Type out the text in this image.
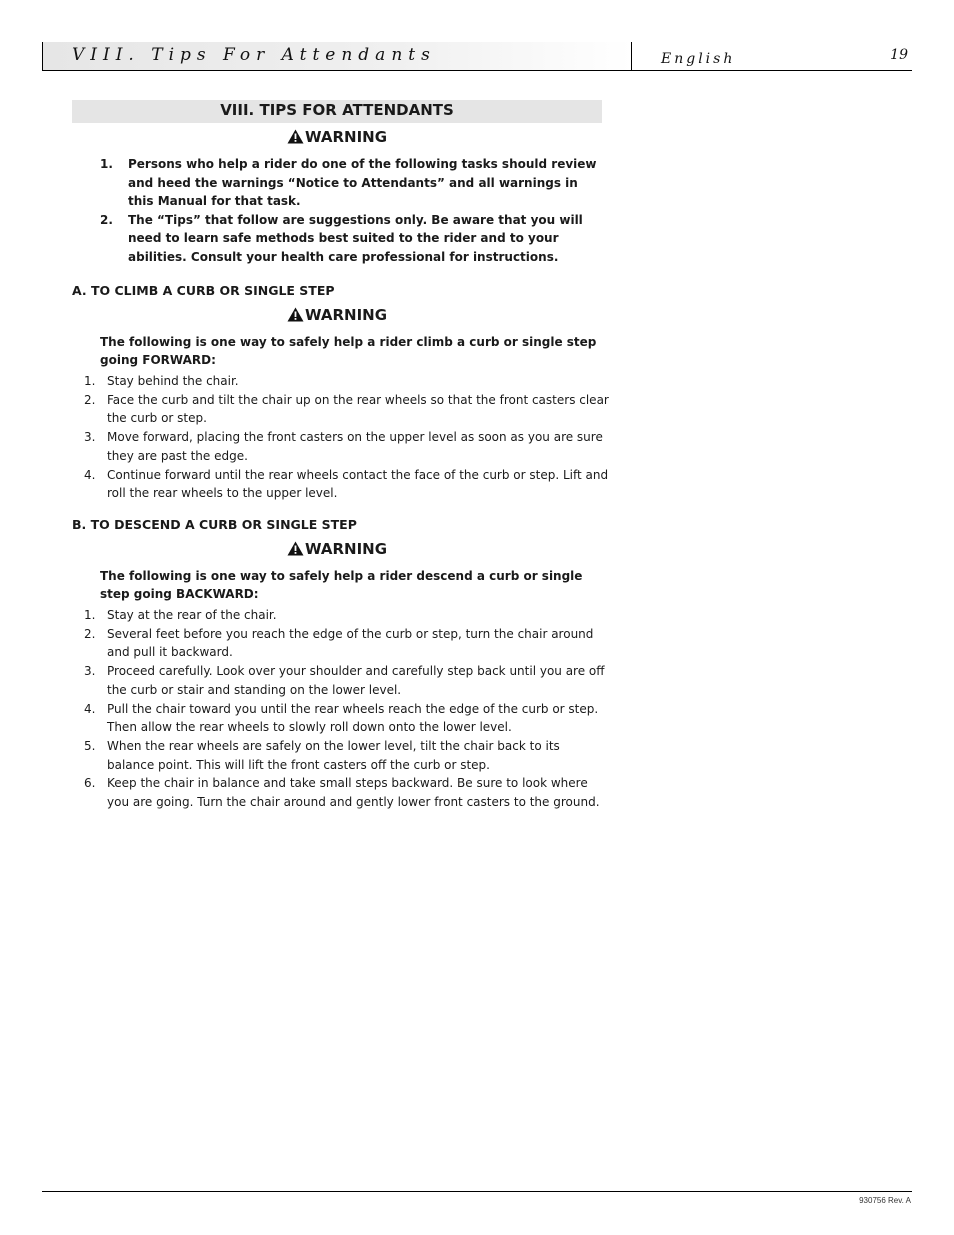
VIII. Tips For Attendants	English	19
VIII. TIPS FOR ATTENDANTS
WARNING
1. Persons who help a rider do one of the following tasks should review and heed the warnings “Notice to Attendants” and all warnings in this Manual for that task.
2. The “Tips” that follow are suggestions only. Be aware that you will need to learn safe methods best suited to the rider and to your abilities. Consult your health care professional for instructions.
A. TO CLIMB A CURB OR SINGLE STEP
WARNING
The following is one way to safely help a rider climb a curb or single step going FORWARD:
1. Stay behind the chair.
2. Face the curb and tilt the chair up on the rear wheels so that the front casters clear the curb or step.
3. Move forward, placing the front casters on the upper level as soon as you are sure they are past the edge.
4. Continue forward until the rear wheels contact the face of the curb or step. Lift and roll the rear wheels to the upper level.
B. TO DESCEND A CURB OR SINGLE STEP
WARNING
The following is one way to safely help a rider descend a curb or single step going BACKWARD:
1. Stay at the rear of the chair.
2. Several feet before you reach the edge of the curb or step, turn the chair around and pull it backward.
3. Proceed carefully. Look over your shoulder and carefully step back until you are off the curb or stair and standing on the lower level.
4. Pull the chair toward you until the rear wheels reach the edge of the curb or step. Then allow the rear wheels to slowly roll down onto the lower level.
5. When the rear wheels are safely on the lower level, tilt the chair back to its balance point. This will lift the front casters off the curb or step.
6. Keep the chair in balance and take small steps backward. Be sure to look where you are going. Turn the chair around and gently lower front casters to the ground.
930756 Rev. A
